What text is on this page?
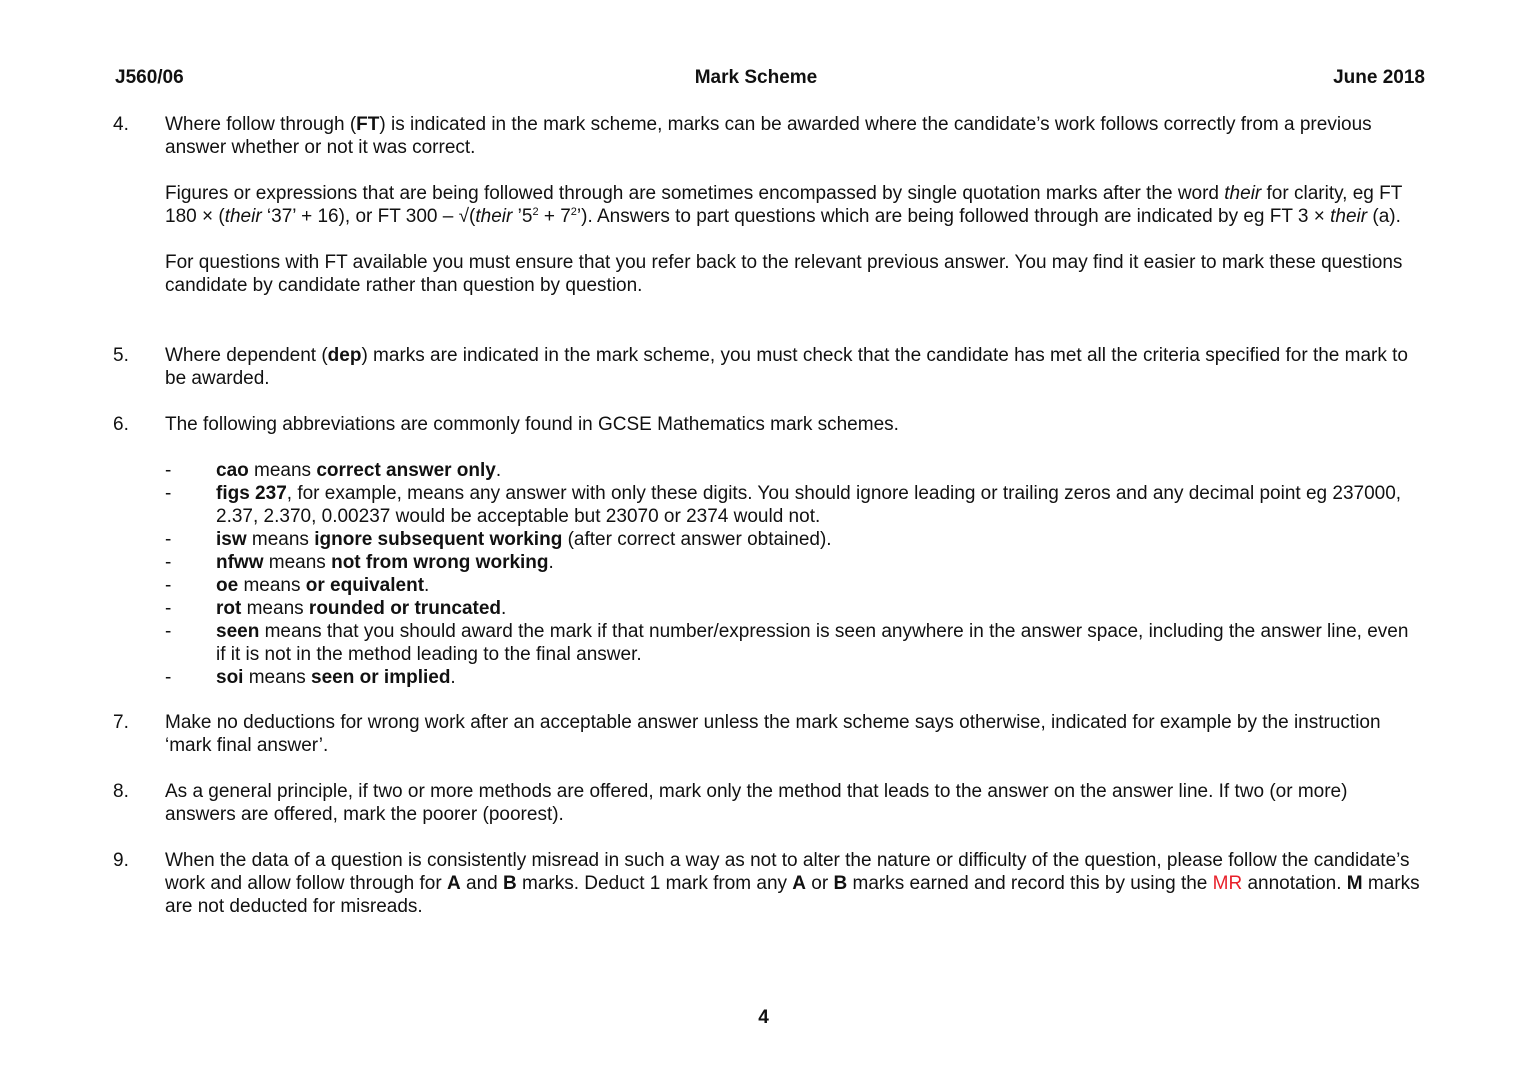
J560/06	Mark Scheme	June 2018
4.	Where follow through (FT) is indicated in the mark scheme, marks can be awarded where the candidate’s work follows correctly from a previous answer whether or not it was correct.

Figures or expressions that are being followed through are sometimes encompassed by single quotation marks after the word their for clarity, eg FT 180 × (their ‘37’ + 16), or FT 300 – √(their $’5^2$ + $7^2$’). Answers to part questions which are being followed through are indicated by eg FT 3 × their (a).

For questions with FT available you must ensure that you refer back to the relevant previous answer. You may find it easier to mark these questions candidate by candidate rather than question by question.

5.	Where dependent (dep) marks are indicated in the mark scheme, you must check that the candidate has met all the criteria specified for the mark to be awarded.

6.	The following abbreviations are commonly found in GCSE Mathematics mark schemes.

- cao means correct answer only.
- figs 237, for example, means any answer with only these digits. You should ignore leading or trailing zeros and any decimal point eg 237000, 2.37, 2.370, 0.00237 would be acceptable but 23070 or 2374 would not.
- isw means ignore subsequent working (after correct answer obtained).
- nfww means not from wrong working.
- oe means or equivalent.
- rot means rounded or truncated.
- seen means that you should award the mark if that number/expression is seen anywhere in the answer space, including the answer line, even if it is not in the method leading to the final answer.
- soi means seen or implied.
7.	Make no deductions for wrong work after an acceptable answer unless the mark scheme says otherwise, indicated for example by the instruction ‘mark final answer’.

8.	As a general principle, if two or more methods are offered, mark only the method that leads to the answer on the answer line. If two (or more) answers are offered, mark the poorer (poorest).

9.	When the data of a question is consistently misread in such a way as not to alter the nature or difficulty of the question, please follow the candidate’s work and allow follow through for A and B marks. Deduct 1 mark from any A or B marks earned and record this by using the MR annotation. M marks are not deducted for misreads.

4
